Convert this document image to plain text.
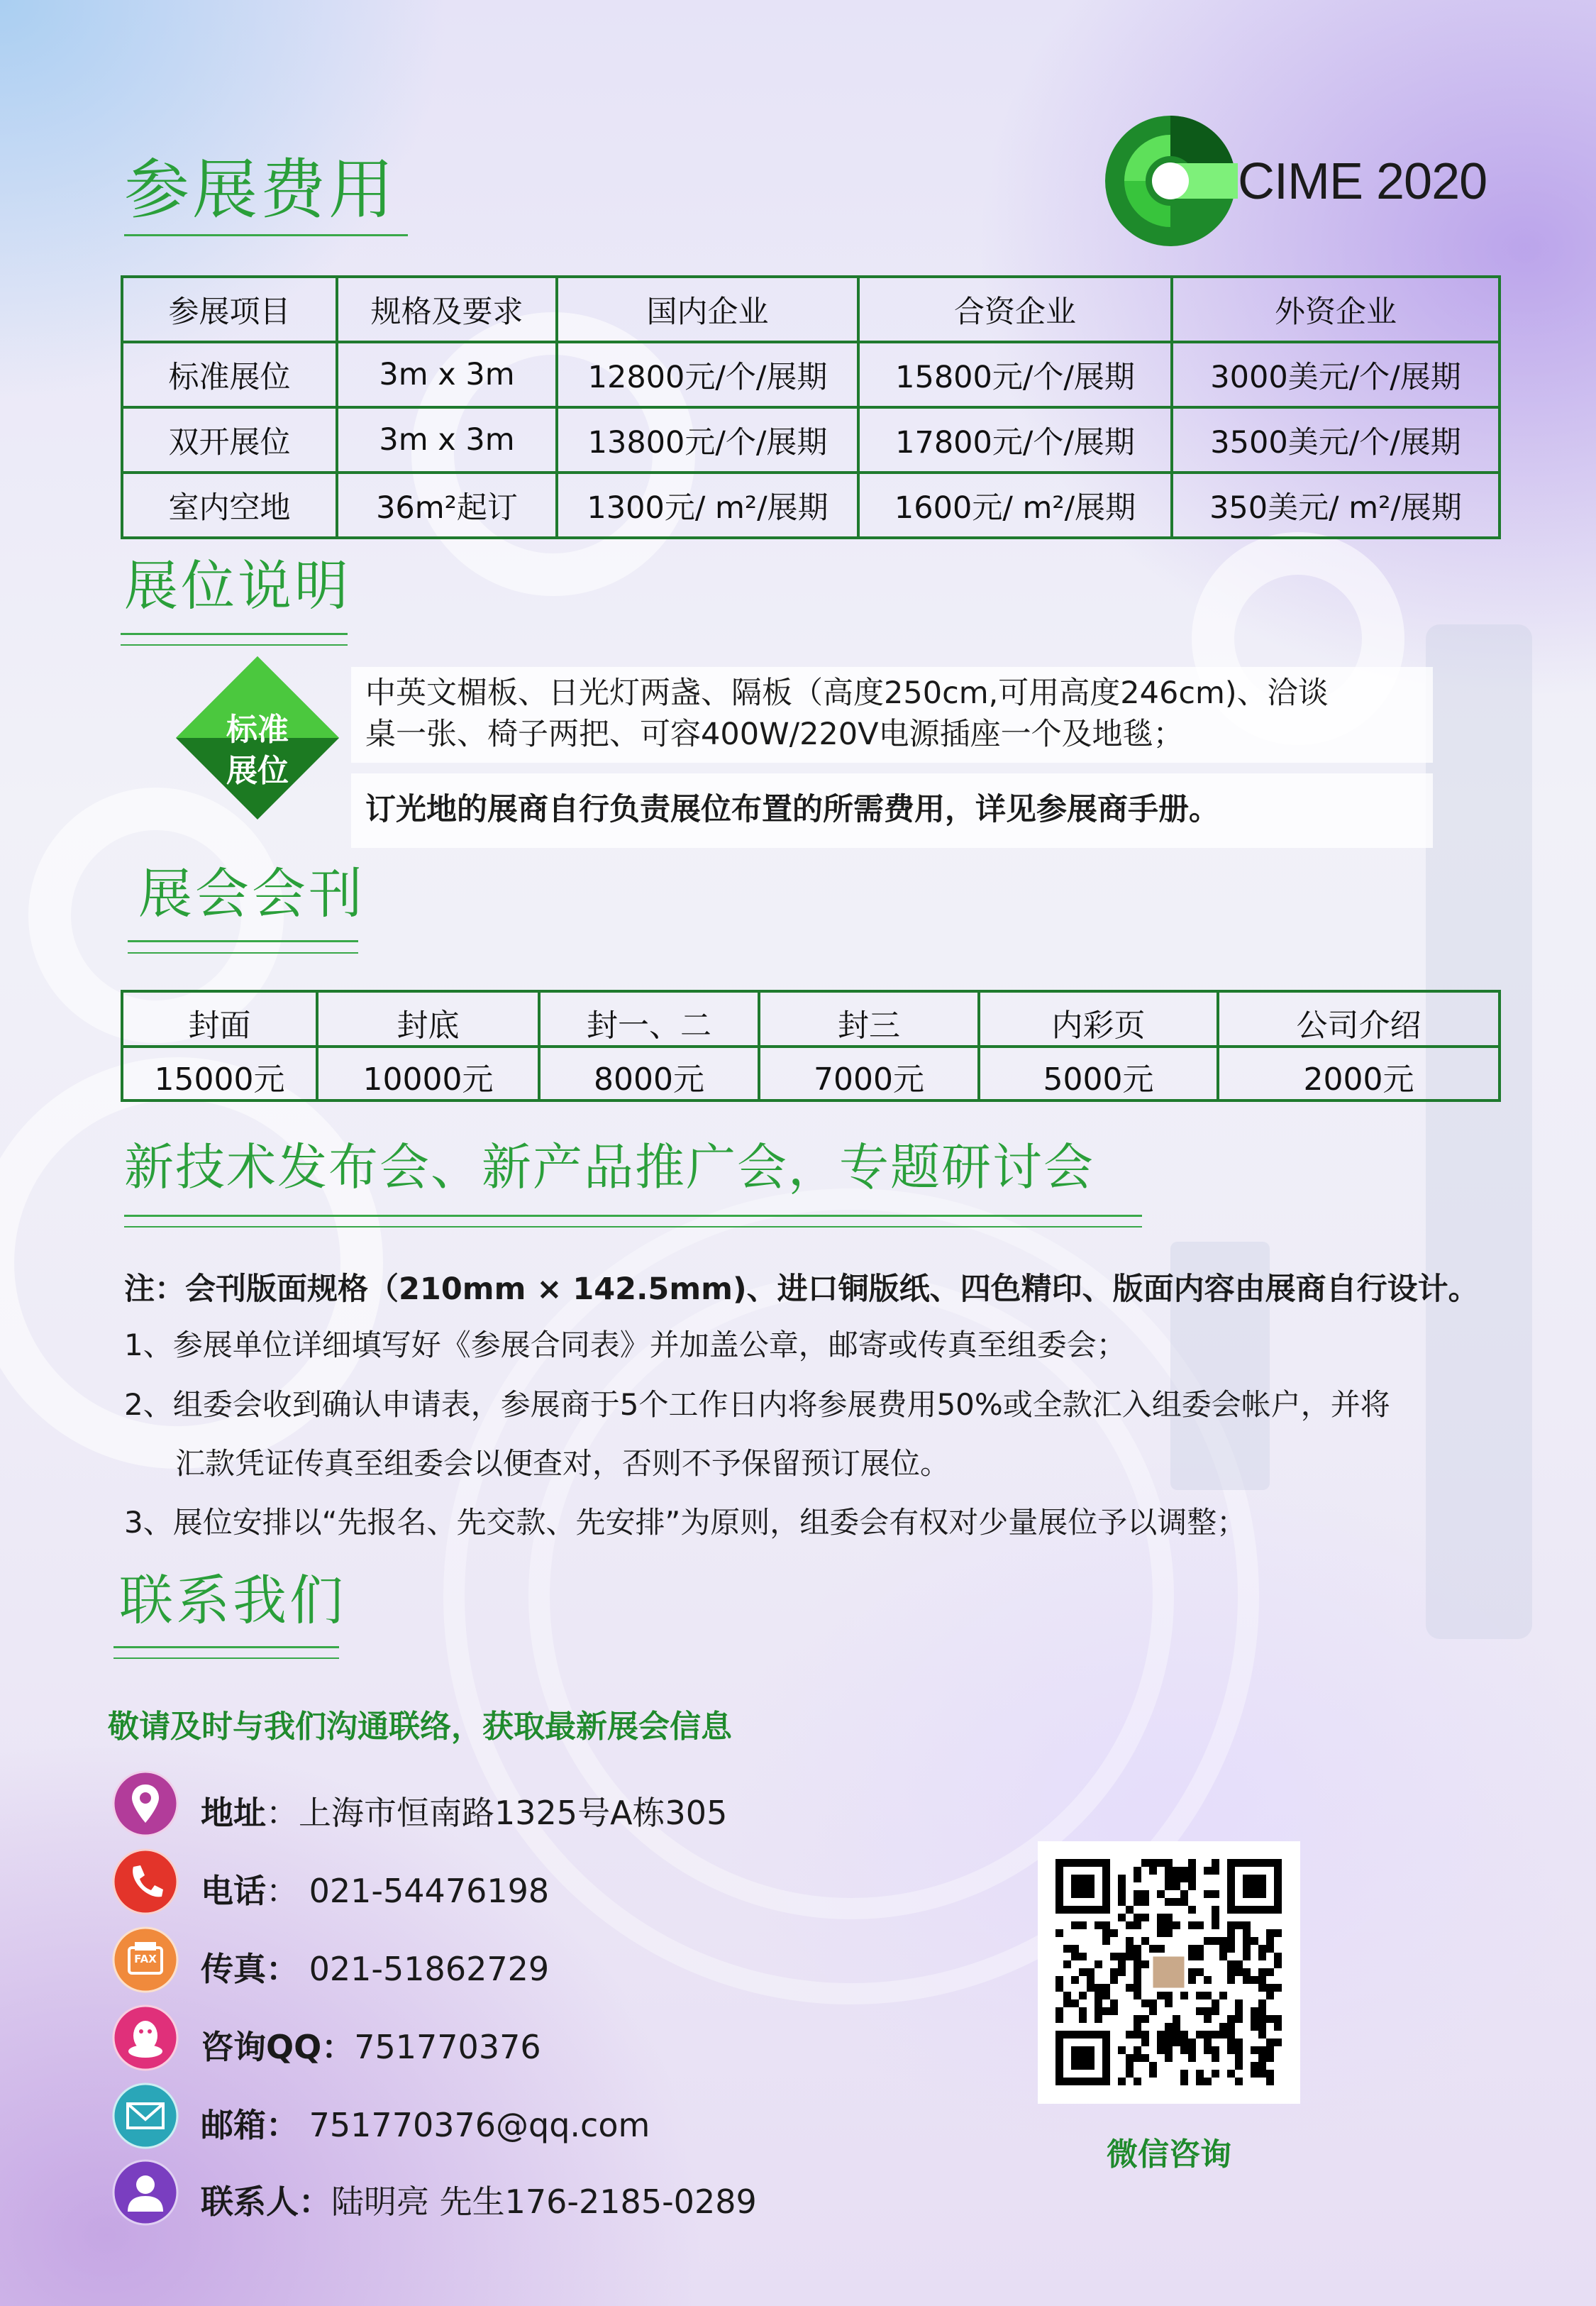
参展费用	CIME 2020
参展项目	规格及要求	国内企业	合资企业	外资企业
标准展位	3m x 3m	12800元/个/展期	15800元/个/展期	3000美元/个/展期
双开展位	3m x 3m	13800元/个/展期	17800元/个/展期	3500美元/个/展期
室内空地	36m²起订	1300元/ m²/展期	1600元/ m²/展期	350美元/ m²/展期
展位说明
标准
展位
中英文楣板、日光灯两盏、隔板（高度250cm,可用高度246cm)、洽谈
桌一张、椅子两把、可容400W/220V电源插座一个及地毯；
订光地的展商自行负责展位布置的所需费用，详见参展商手册。
展会会刊
封面	封底	封一、二	封三	内彩页	公司介绍
15000元	10000元	8000元	7000元	5000元	2000元
新技术发布会、新产品推广会，专题研讨会
注：会刊版面规格（210mm × 142.5mm)、进口铜版纸、四色精印、版面内容由展商自行设计。
1、参展单位详细填写好《参展合同表》并加盖公章，邮寄或传真至组委会；
2、组委会收到确认申请表，参展商于5个工作日内将参展费用50%或全款汇入组委会帐户，并将
汇款凭证传真至组委会以便查对，否则不予保留预订展位。
3、展位安排以“先报名、先交款、先安排”为原则，组委会有权对少量展位予以调整；
联系我们
敬请及时与我们沟通联络，获取最新展会信息
地址：上海市恒南路1325号A栋305
电话： 021-54476198
FAX	传真： 021-51862729
咨询QQ：751770376
邮箱： 751770376@qq.com
联系人：陆明亮 先生176-2185-0289
微信咨询
